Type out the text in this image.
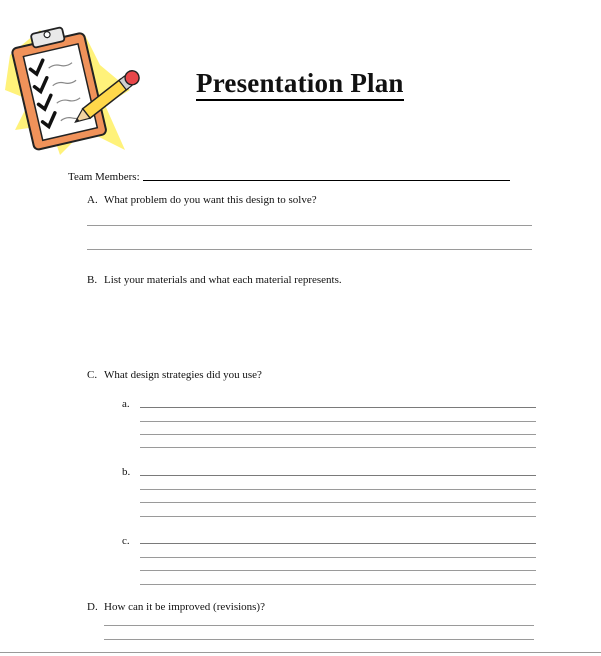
Presentation Plan
Team Members:
A. What problem do you want this design to solve?
B. List your materials and what each material represents.
C. What design strategies did you use?
a.
b.
c.
D. How can it be improved (revisions)?
